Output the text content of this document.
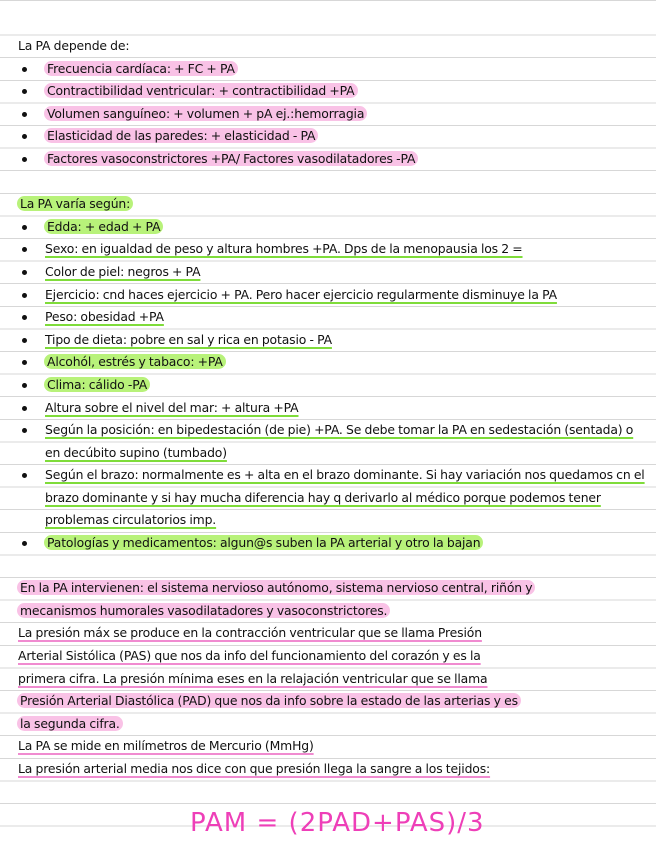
La PA depende de:

Frecuencia cardíaca: + FC + PA
Contractibilidad ventricular: + contractibilidad +PA
Volumen sanguíneo: + volumen + pA ej.:hemorragia
Elasticidad de las paredes: + elasticidad - PA
Factores vasoconstrictores +PA/ Factores vasodilatadores -PA

La PA varía según:

Edda: + edad + PA
Sexo: en igualdad de peso y altura hombres +PA. Dps de la menopausia los 2 =
Color de piel: negros + PA
Ejercicio: cnd haces ejercicio + PA. Pero hacer ejercicio regularmente disminuye la PA
Peso: obesidad +PA
Tipo de dieta: pobre en sal y rica en potasio - PA
Alcohól, estrés y tabaco: +PA
Clima: cálido -PA
Altura sobre el nivel del mar: + altura +PA
Según la posición: en bipedestación (de pie) +PA. Se debe tomar la PA en sedestación (sentada) o en decúbito supino (tumbado)
Según el brazo: normalmente es + alta en el brazo dominante. Si hay variación nos quedamos cn el brazo dominante y si hay mucha diferencia hay q derivarlo al médico porque podemos tener problemas circulatorios imp.
Patologías y medicamentos: algun@s suben la PA arterial y otro la bajan

En la PA intervienen: el sistema nervioso autónomo, sistema nervioso central, riñón y

mecanismos humorales vasodilatadores y vasoconstrictores.

La presión máx se produce en la contracción ventricular que se llama Presión

Arterial Sistólica (PAS) que nos da info del funcionamiento del corazón y es la

primera cifra. La presión mínima eses en la relajación ventricular que se llama

Presión Arterial Diastólica (PAD) que nos da info sobre la estado de las arterias y es

la segunda cifra.

La PA se mide en milímetros de Mercurio (MmHg)

La presión arterial media nos dice con que presión llega la sangre a los tejidos:

PAM = (2PAD+PAS)/3
